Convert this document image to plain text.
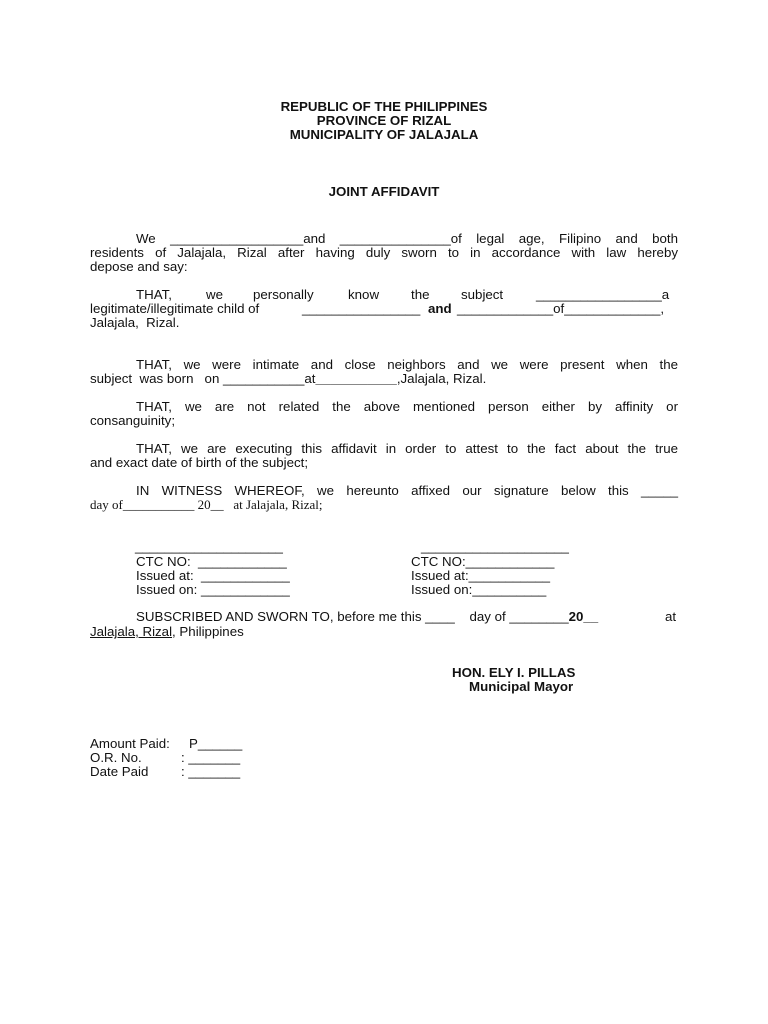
REPUBLIC OF THE PHILIPPINES
PROVINCE OF RIZAL
MUNICIPALITY OF JALAJALA
JOINT AFFIDAVIT
We __________________and _______________of legal age, Filipino and both
residents of Jalajala, Rizal after having duly sworn to in accordance with law hereby
depose and say:
THAT,	we personally	know the subject _________________a
legitimate/illegitimate child of	________________ and _____________of_____________,
Jalajala,  Rizal.
THAT, we were intimate and close neighbors and we were present when the
subject  was born   on ___________at___________,Jalajala, Rizal.
THAT, we are not related the above mentioned person either by affinity or
consanguinity;
THAT, we are executing this affidavit in order to attest to the fact about the true
and exact date of birth of the subject;
IN WITNESS WHEREOF, we hereunto affixed our signature below this _____
day of___________ 20__   at Jalajala, Rizal;
____________________
CTC NO:  ____________
Issued at:  ____________
Issued on: ____________
____________________
CTC NO:____________
Issued at:___________
Issued on:__________
SUBSCRIBED AND SWORN TO, before me this ____    day of ________20__	at
Jalajala, Rizal, Philippines
HON. ELY I. PILLAS
Municipal Mayor
Amount Paid: P______
O.R. No.	: _______
Date Paid : _______
